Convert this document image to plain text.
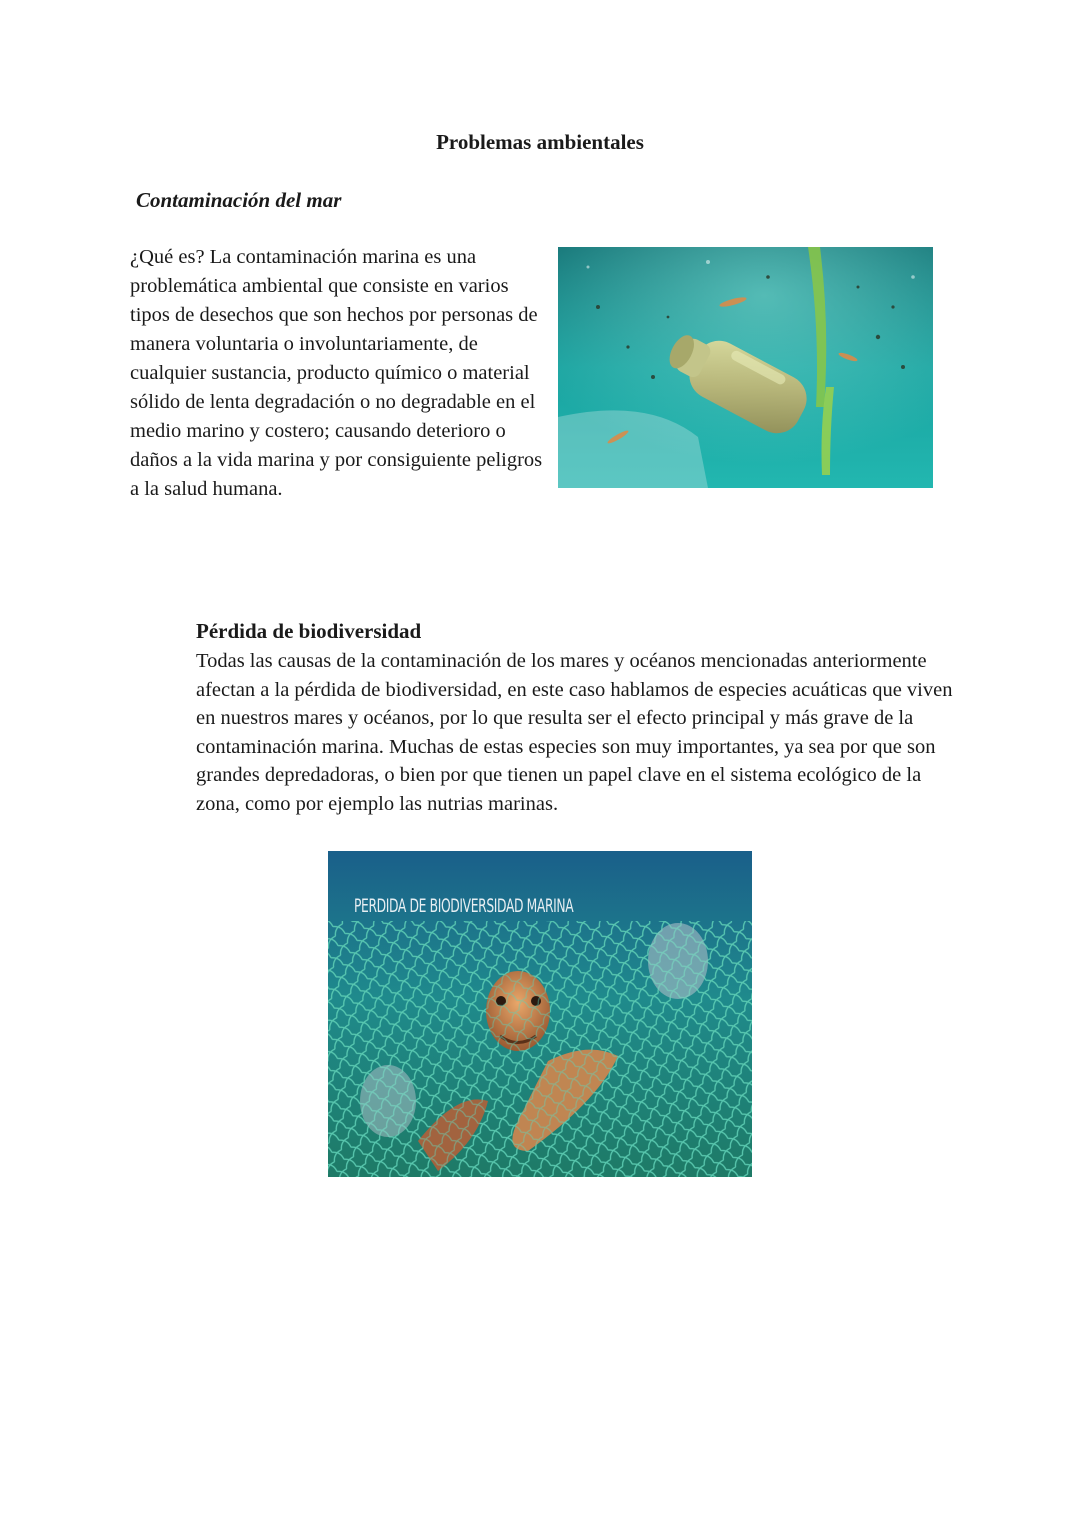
Problemas ambientales
Contaminación del mar

¿Qué es? La contaminación marina es una problemática ambiental que consiste en varios tipos de desechos que son hechos por personas de manera voluntaria o involuntariamente, de cualquier sustancia, producto químico o material sólido de lenta degradación o no degradable en el medio marino y costero; causando deterioro o daños a la vida marina y por consiguiente peligros a la salud humana.

Pérdida de biodiversidad

Todas las causas de la contaminación de los mares y océanos mencionadas anteriormente afectan a la pérdida de biodiversidad, en este caso hablamos de especies acuáticas que viven en nuestros mares y océanos, por lo que resulta ser el efecto principal y más grave de la contaminación marina. Muchas de estas especies son muy importantes, ya sea por que son grandes depredadoras, o bien por que tienen un papel clave en el sistema ecológico de la zona, como por ejemplo las nutrias marinas.

PERDIDA DE BIODIVERSIDAD MARINA
